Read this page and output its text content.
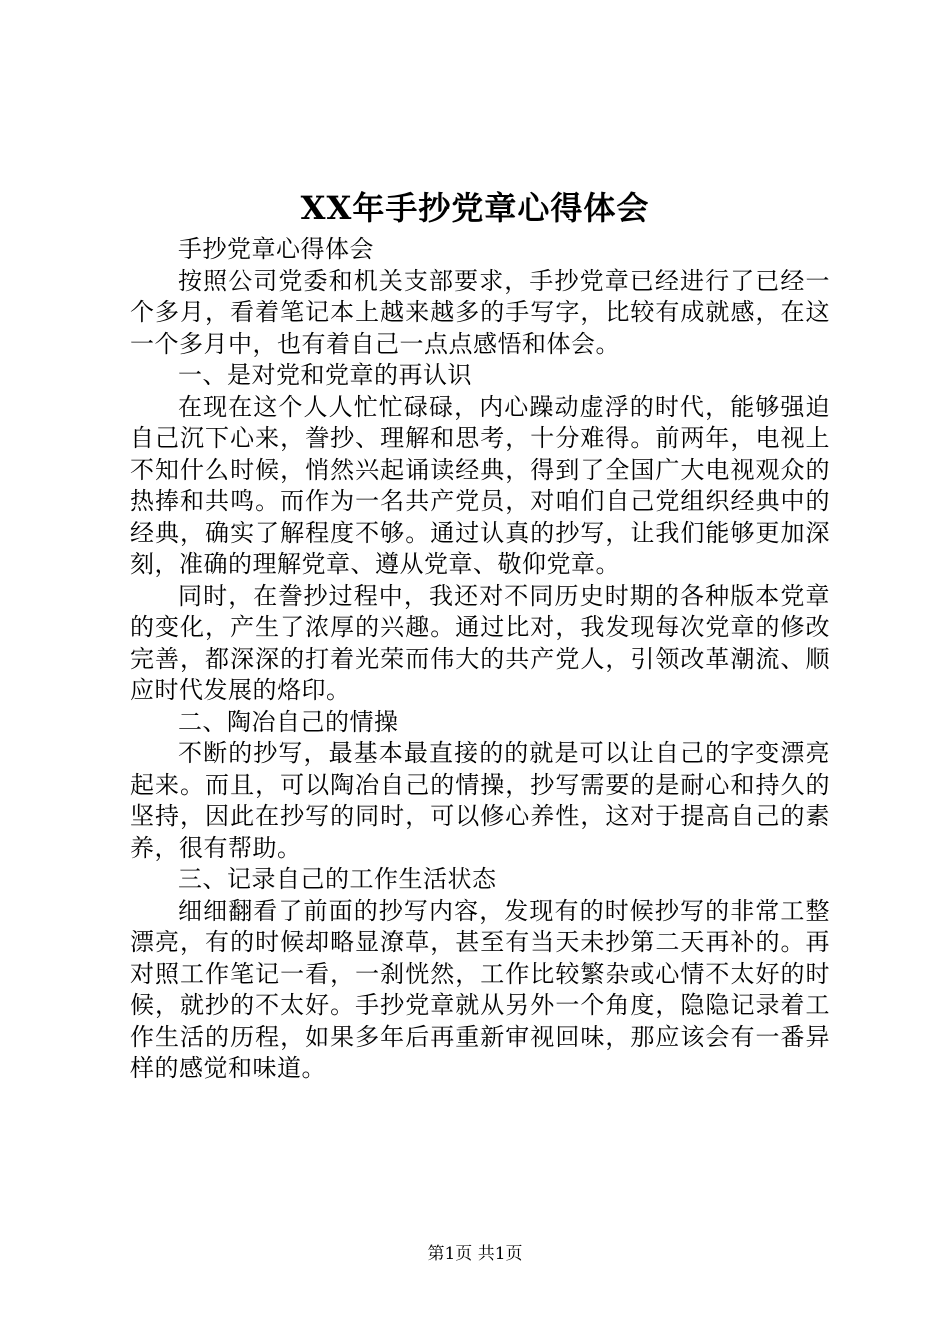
XX年手抄党章心得体会

手抄党章心得体会

按照公司党委和机关支部要求，手抄党章已经进行了已经一个多月，看着笔记本上越来越多的手写字，比较有成就感，在这一个多月中，也有着自己一点点感悟和体会。

一、是对党和党章的再认识

在现在这个人人忙忙碌碌，内心躁动虚浮的时代，能够强迫自己沉下心来，誊抄、理解和思考，十分难得。前两年，电视上不知什么时候，悄然兴起诵读经典，得到了全国广大电视观众的热捧和共鸣。而作为一名共产党员，对咱们自己党组织经典中的经典，确实了解程度不够。通过认真的抄写，让我们能够更加深刻，准确的理解党章、遵从党章、敬仰党章。

同时，在誊抄过程中，我还对不同历史时期的各种版本党章的变化，产生了浓厚的兴趣。通过比对，我发现每次党章的修改完善，都深深的打着光荣而伟大的共产党人，引领改革潮流、顺应时代发展的烙印。

二、陶冶自己的情操

不断的抄写，最基本最直接的的就是可以让自己的字变漂亮起来。而且，可以陶冶自己的情操，抄写需要的是耐心和持久的坚持，因此在抄写的同时，可以修心养性，这对于提高自己的素养，很有帮助。

三、记录自己的工作生活状态

细细翻看了前面的抄写内容，发现有的时候抄写的非常工整漂亮，有的时候却略显潦草，甚至有当天未抄第二天再补的。再对照工作笔记一看，一刹恍然，工作比较繁杂或心情不太好的时候，就抄的不太好。手抄党章就从另外一个角度，隐隐记录着工作生活的历程，如果多年后再重新审视回味，那应该会有一番异样的感觉和味道。

第1页 共1页
